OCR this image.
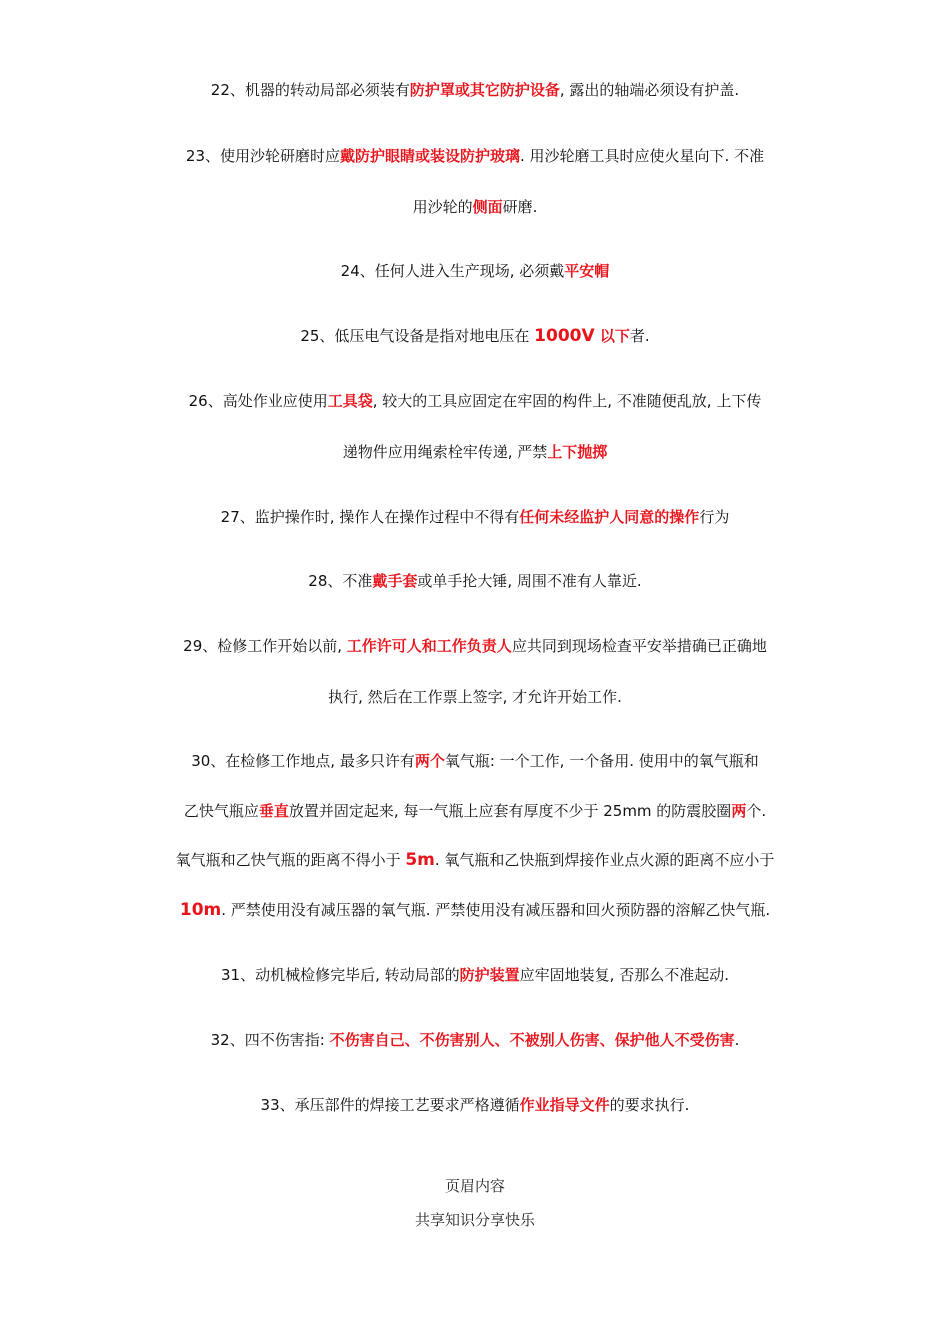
22、机器的转动局部必须装有防护罩或其它防护设备, 露出的轴端必须设有护盖.
23、使用沙轮研磨时应戴防护眼睛或装设防护玻璃. 用沙轮磨工具时应使火星向下. 不准
用沙轮的侧面研磨.
24、任何人进入生产现场, 必须戴平安帽
25、低压电气设备是指对地电压在 1000V 以下者.
26、高处作业应使用工具袋, 较大的工具应固定在牢固的构件上, 不准随便乱放, 上下传
递物件应用绳索栓牢传递, 严禁上下抛掷
27、监护操作时, 操作人在操作过程中不得有任何未经监护人同意的操作行为
28、不准戴手套或单手抡大锤, 周围不准有人靠近.
29、检修工作开始以前, 工作许可人和工作负责人应共同到现场检查平安举措确已正确地
执行, 然后在工作票上签字, 才允许开始工作.
30、在检修工作地点, 最多只许有两个氧气瓶: 一个工作, 一个备用. 使用中的氧气瓶和
乙快气瓶应垂直放置并固定起来, 每一气瓶上应套有厚度不少于 25mm 的防震胶圈两个.
氧气瓶和乙快气瓶的距离不得小于 5m. 氧气瓶和乙快瓶到焊接作业点火源的距离不应小于
10m. 严禁使用没有减压器的氧气瓶. 严禁使用没有减压器和回火预防器的溶解乙快气瓶.
31、动机械检修完毕后, 转动局部的防护装置应牢固地装复, 否那么不准起动.
32、四不伤害指: 不伤害自己、不伤害别人、不被别人伤害、保护他人不受伤害.
33、承压部件的焊接工艺要求严格遵循作业指导文件的要求执行.
页眉内容
共享知识分享快乐
